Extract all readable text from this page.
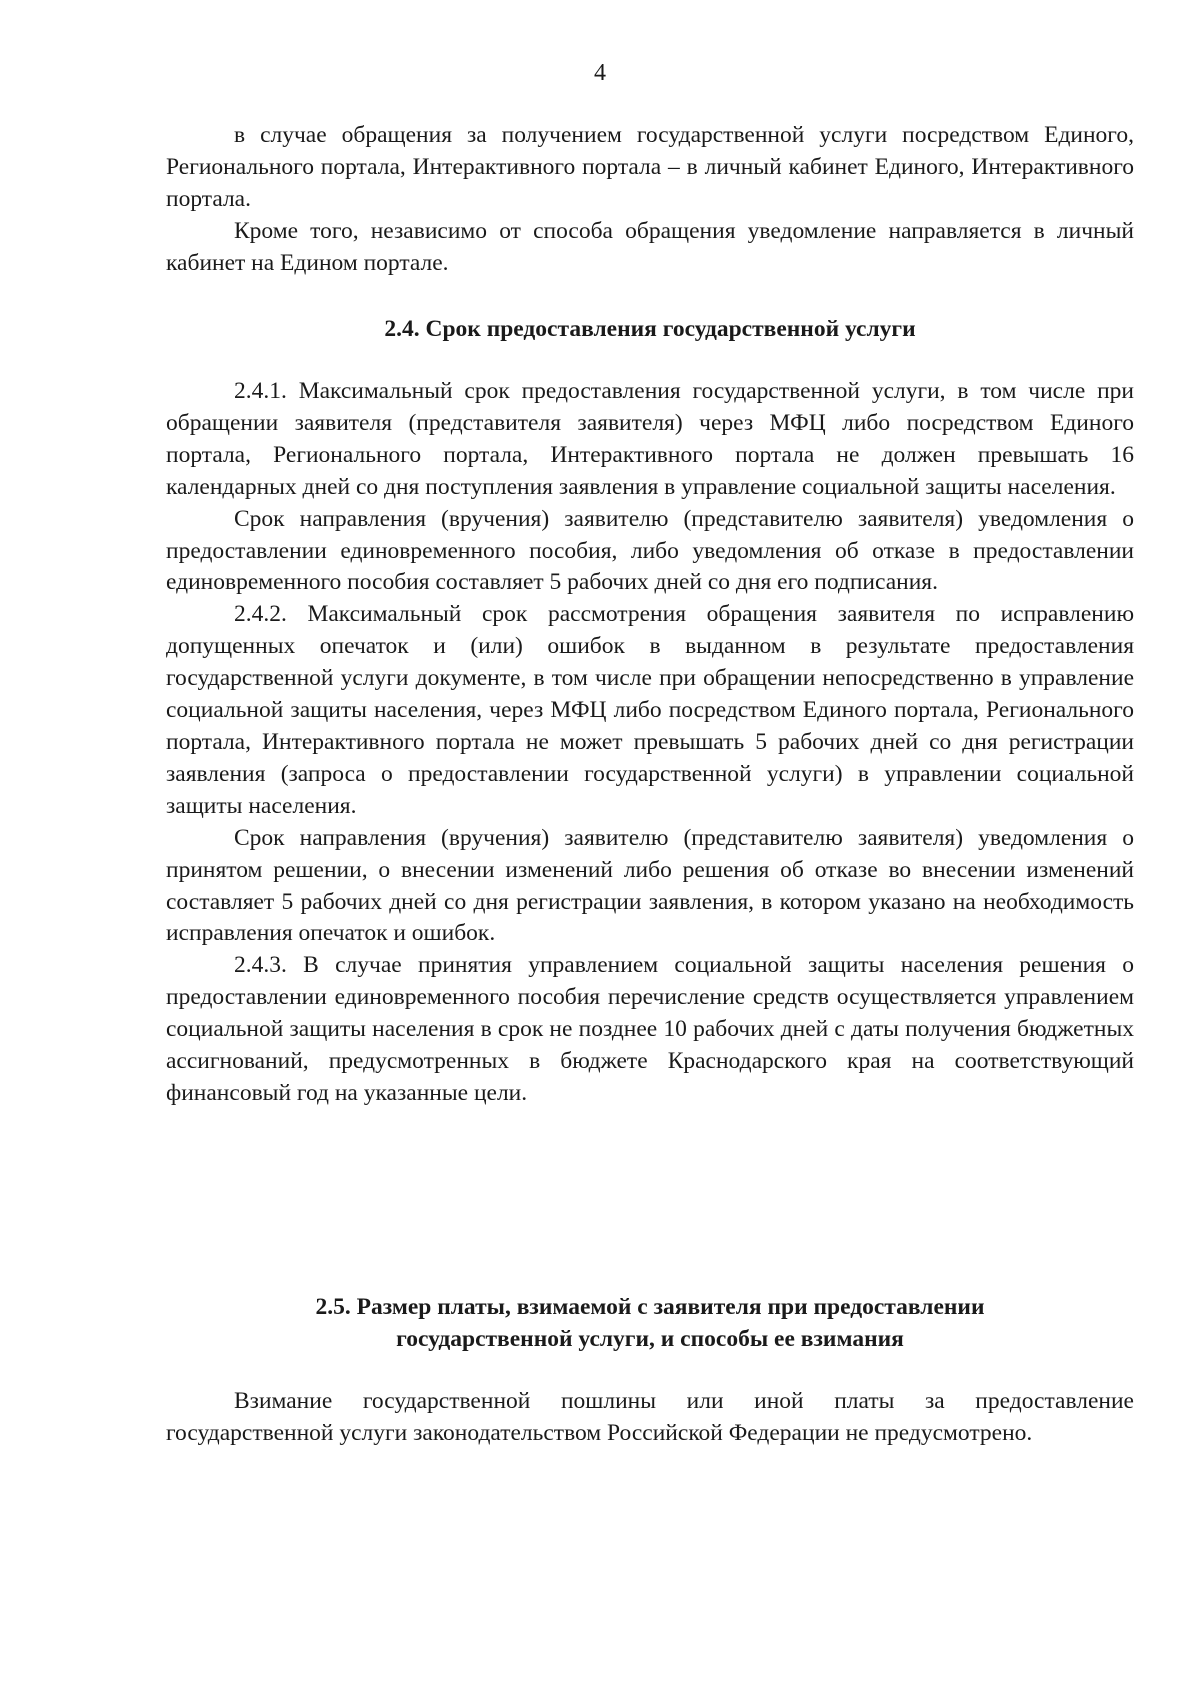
4

в случае обращения за получением государственной услуги посредством Единого, Регионального портала, Интерактивного портала – в личный кабинет Единого, Интерактивного портала.

Кроме того, независимо от способа обращения уведомление направляется в личный кабинет на Едином портале.

2.4. Срок предоставления государственной услуги

2.4.1. Максимальный срок предоставления государственной услуги, в том числе при обращении заявителя (представителя заявителя) через МФЦ либо посредством Единого портала, Регионального портала, Интерактивного портала не должен превышать 16 календарных дней со дня поступления заявления в управление социальной защиты населения.

Срок направления (вручения) заявителю (представителю заявителя) уведомления о предоставлении единовременного пособия, либо уведомления об отказе в предоставлении единовременного пособия составляет 5 рабочих дней со дня его подписания.

2.4.2. Максимальный срок рассмотрения обращения заявителя по исправлению допущенных опечаток и (или) ошибок в выданном в результате предоставления государственной услуги документе, в том числе при обращении непосредственно в управление социальной защиты населения, через МФЦ либо посредством Единого портала, Регионального портала, Интерактивного портала не может превышать 5 рабочих дней со дня регистрации заявления (запроса о предоставлении государственной услуги) в управлении социальной защиты населения.

Срок направления (вручения) заявителю (представителю заявителя) уведомления о принятом решении, о внесении изменений либо решения об отказе во внесении изменений составляет 5 рабочих дней со дня регистрации заявления, в котором указано на необходимость исправления опечаток и ошибок.

2.4.3. В случае принятия управлением социальной защиты населения решения о предоставлении единовременного пособия перечисление средств осуществляется управлением социальной защиты населения в срок не позднее 10 рабочих дней с даты получения бюджетных ассигнований, предусмотренных в бюджете Краснодарского края на соответствующий финансовый год на указанные цели.

2.5. Размер платы, взимаемой с заявителя при предоставлении
государственной услуги, и способы ее взимания

Взимание государственной пошлины или иной платы за предоставление государственной услуги законодательством Российской Федерации не предусмотрено.
